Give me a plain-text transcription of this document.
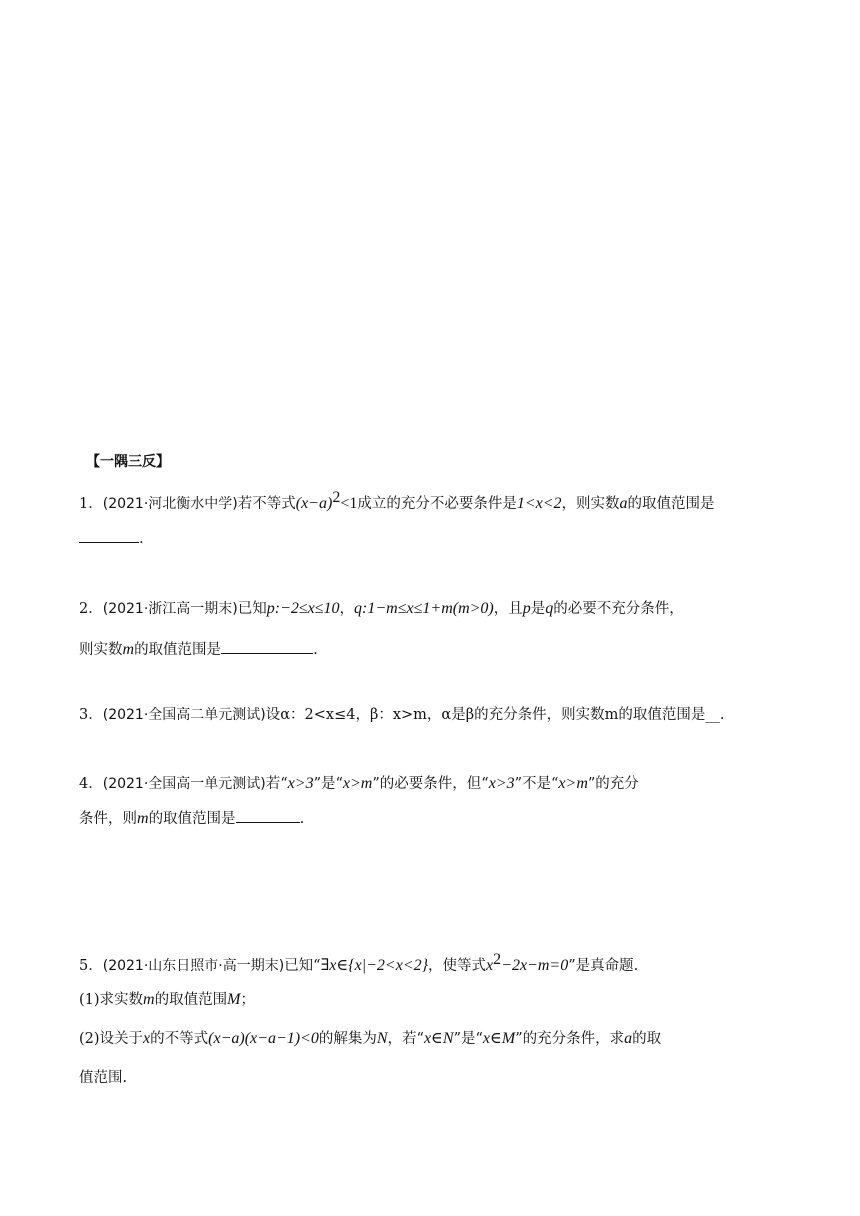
【一隅三反】
1．(2021·河北衡水中学)若不等式$(x-a)^2<1$成立的充分不必要条件是1<x<2，则实数a的取值范围是
.
2．(2021·浙江高一期末)已知p:−2≤x≤10，q:1−m≤x≤1+m(m>0)，且p是q的必要不充分条件，
则实数m的取值范围是	.
3．(2021·全国高二单元测试)设α：2<x≤4，β：x>m，α是β的充分条件，则实数m的取值范围是__.
4．(2021·全国高一单元测试)若“x>3”是“x>m”的必要条件，但“x>3”不是“x>m”的充分
条件，则m的取值范围是	.
5．(2021·山东日照市·高一期末)已知“∃x∈{x|−2<x<2}，使等式$x^2-2x-m=0$”是真命题.
(1)求实数m的取值范围M；
(2)设关于x的不等式(x−a)(x−a−1)<0的解集为N，若“x∈N”是“x∈M”的充分条件，求a的取
值范围.
